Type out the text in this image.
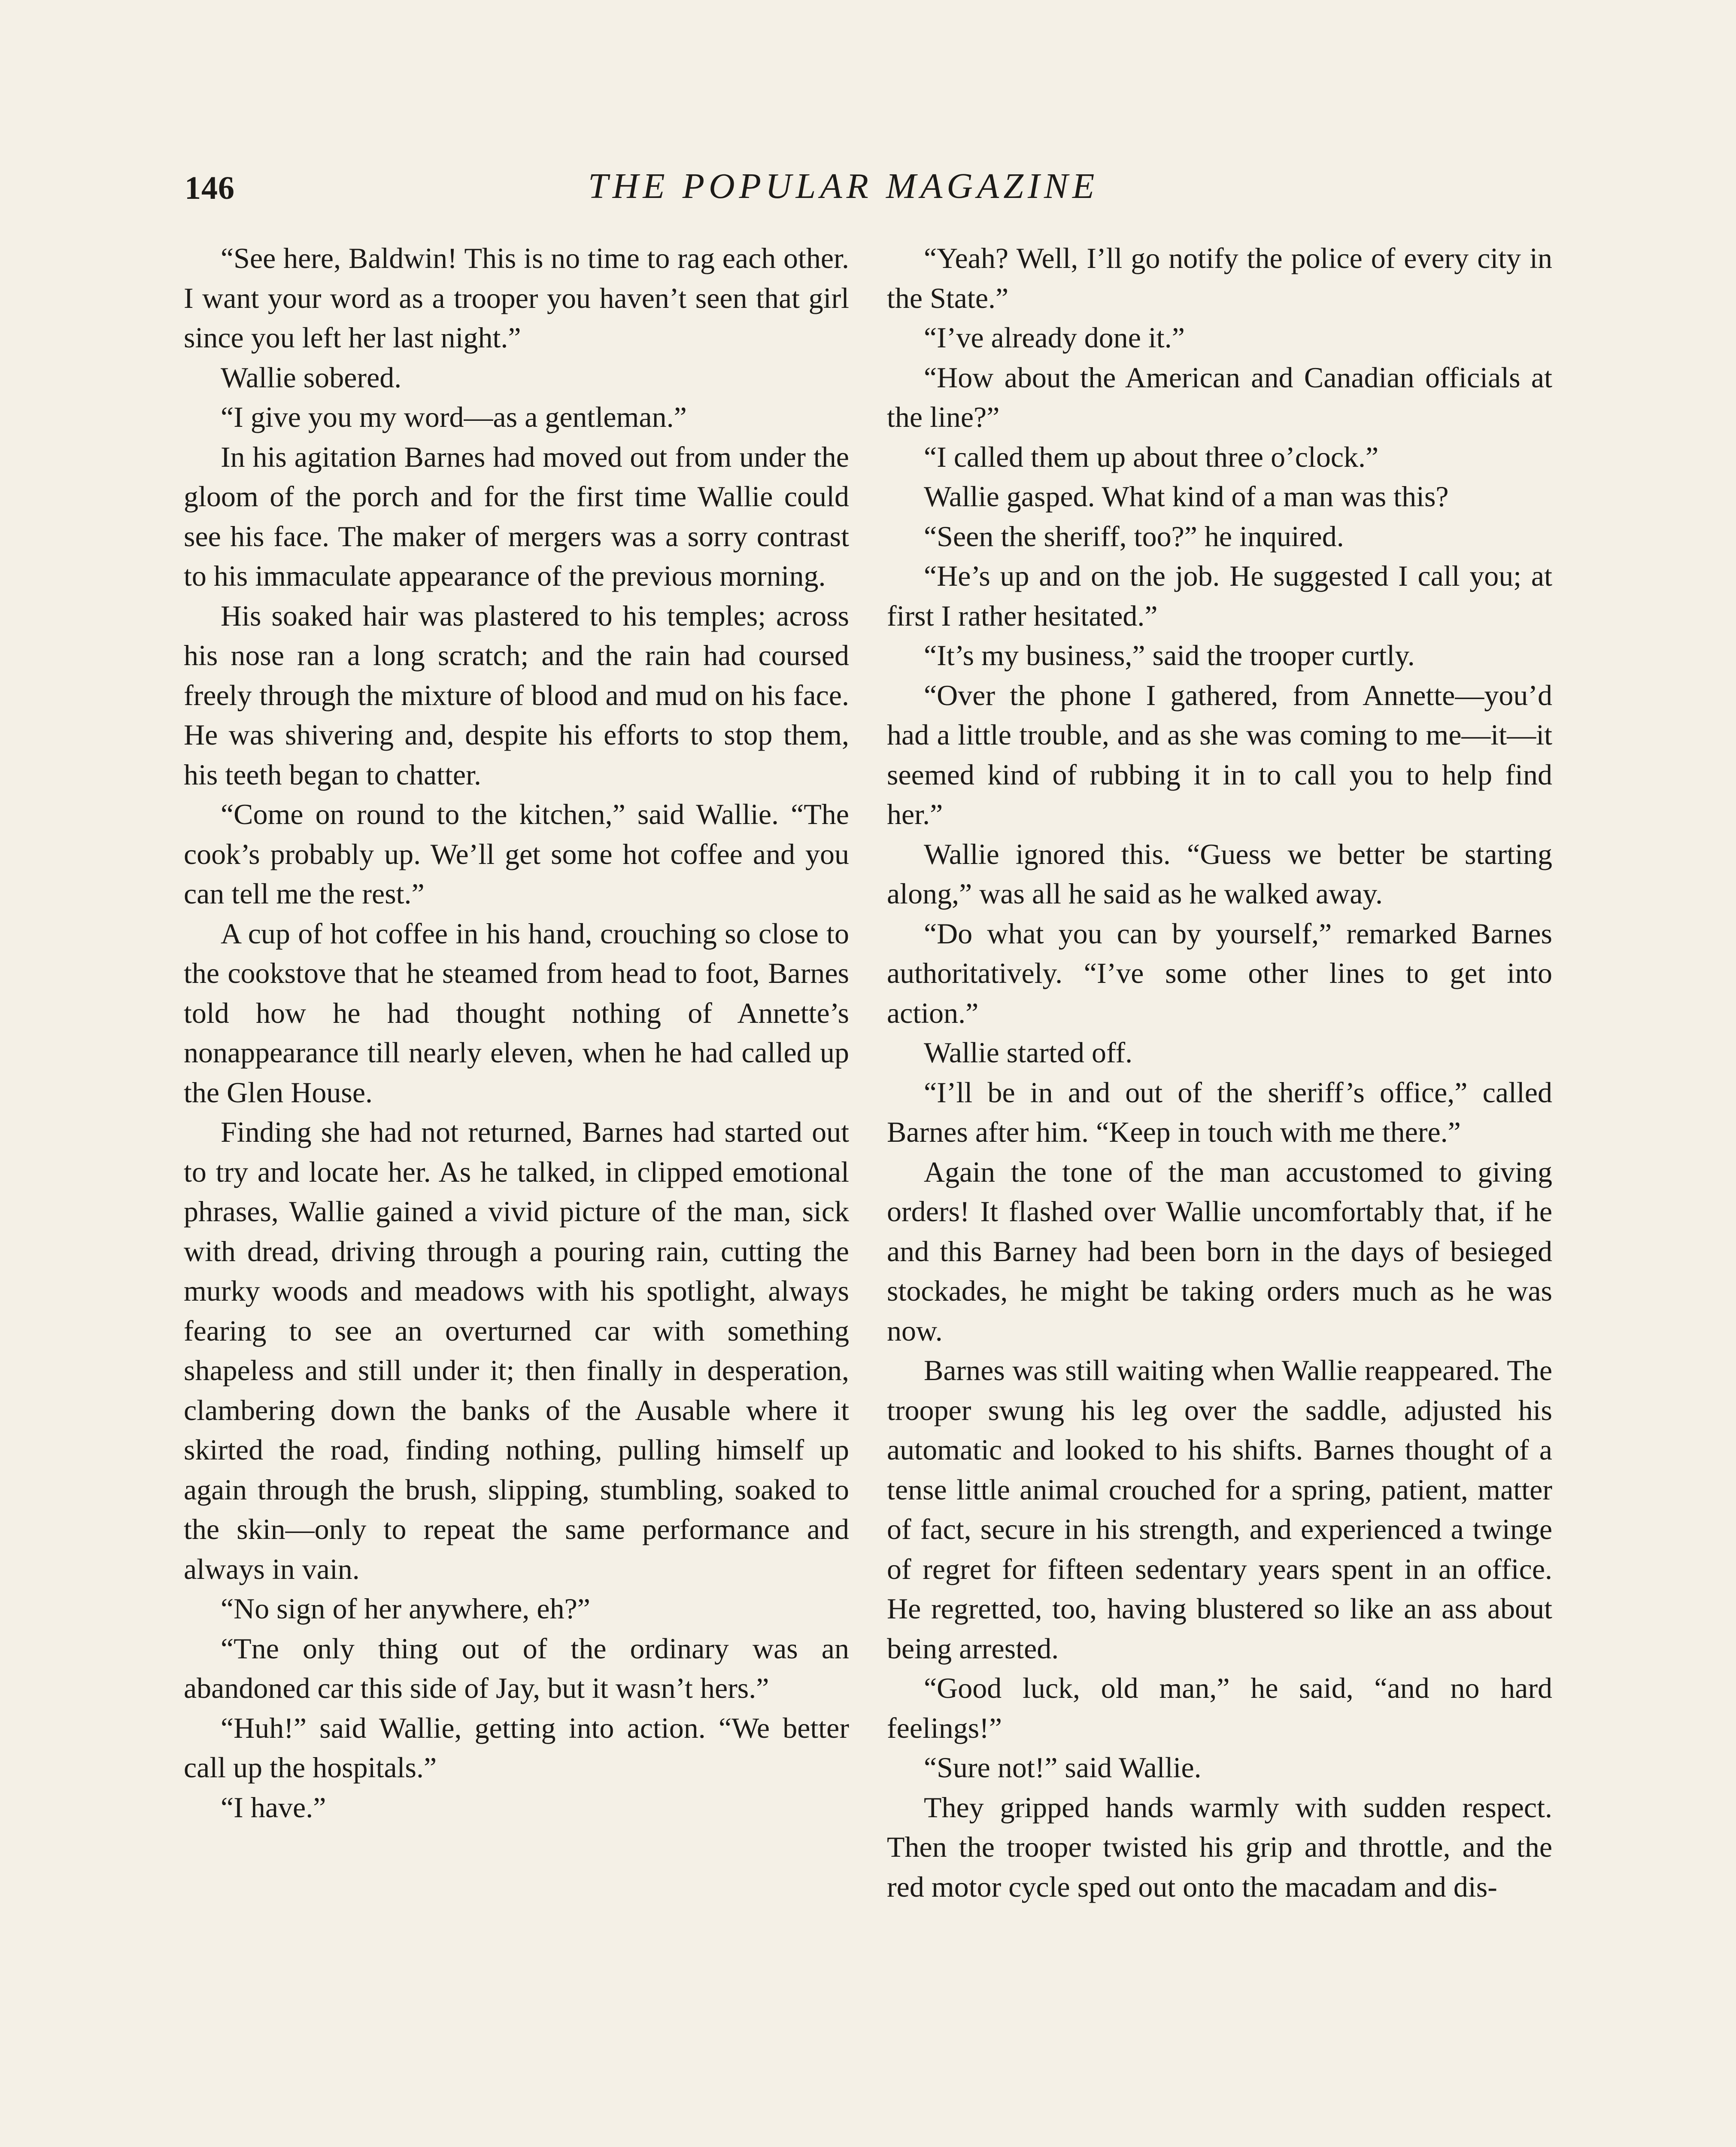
146	THE POPULAR MAGAZINE

“See here, Baldwin! This is no time to rag each other. I want your word as a trooper you haven’t seen that girl since you left her last night.”

Wallie sobered.

“I give you my word—as a gentleman.”

In his agitation Barnes had moved out from under the gloom of the porch and for the first time Wallie could see his face. The maker of mergers was a sorry contrast to his immaculate appearance of the previous morning.

His soaked hair was plastered to his temples; across his nose ran a long scratch; and the rain had coursed freely through the mixture of blood and mud on his face. He was shivering and, despite his efforts to stop them, his teeth began to chatter.

“Come on round to the kitchen,” said Wallie. “The cook’s probably up. We’ll get some hot coffee and you can tell me the rest.”

A cup of hot coffee in his hand, crouching so close to the cookstove that he steamed from head to foot, Barnes told how he had thought nothing of Annette’s nonappearance till nearly eleven, when he had called up the Glen House.

Finding she had not returned, Barnes had started out to try and locate her. As he talked, in clipped emotional phrases, Wallie gained a vivid picture of the man, sick with dread, driving through a pouring rain, cutting the murky woods and meadows with his spotlight, always fearing to see an overturned car with something shapeless and still under it; then finally in desperation, clambering down the banks of the Ausable where it skirted the road, finding nothing, pulling himself up again through the brush, slipping, stumbling, soaked to the skin—only to repeat the same performance and always in vain.

“No sign of her anywhere, eh?”

“Tne only thing out of the ordinary was an abandoned car this side of Jay, but it wasn’t hers.”

“Huh!” said Wallie, getting into action. “We better call up the hospitals.”

“I have.”

“Yeah? Well, I’ll go notify the police of every city in the State.”

“I’ve already done it.”

“How about the American and Canadian officials at the line?”

“I called them up about three o’clock.”

Wallie gasped. What kind of a man was this?

“Seen the sheriff, too?” he inquired.

“He’s up and on the job. He suggested I call you; at first I rather hesitated.”

“It’s my business,” said the trooper curtly.

“Over the phone I gathered, from Annette—you’d had a little trouble, and as she was coming to me—it—it seemed kind of rubbing it in to call you to help find her.”

Wallie ignored this. “Guess we better be starting along,” was all he said as he walked away.

“Do what you can by yourself,” remarked Barnes authoritatively. “I’ve some other lines to get into action.”

Wallie started off.

“I’ll be in and out of the sheriff’s office,” called Barnes after him. “Keep in touch with me there.”

Again the tone of the man accustomed to giving orders! It flashed over Wallie uncomfortably that, if he and this Barney had been born in the days of besieged stockades, he might be taking orders much as he was now.

Barnes was still waiting when Wallie reappeared. The trooper swung his leg over the saddle, adjusted his automatic and looked to his shifts. Barnes thought of a tense little animal crouched for a spring, patient, matter of fact, secure in his strength, and experienced a twinge of regret for fifteen sedentary years spent in an office. He regretted, too, having blustered so like an ass about being arrested.

“Good luck, old man,” he said, “and no hard feelings!”

“Sure not!” said Wallie.

They gripped hands warmly with sudden respect. Then the trooper twisted his grip and throttle, and the red motor cycle sped out onto the macadam and dis-
